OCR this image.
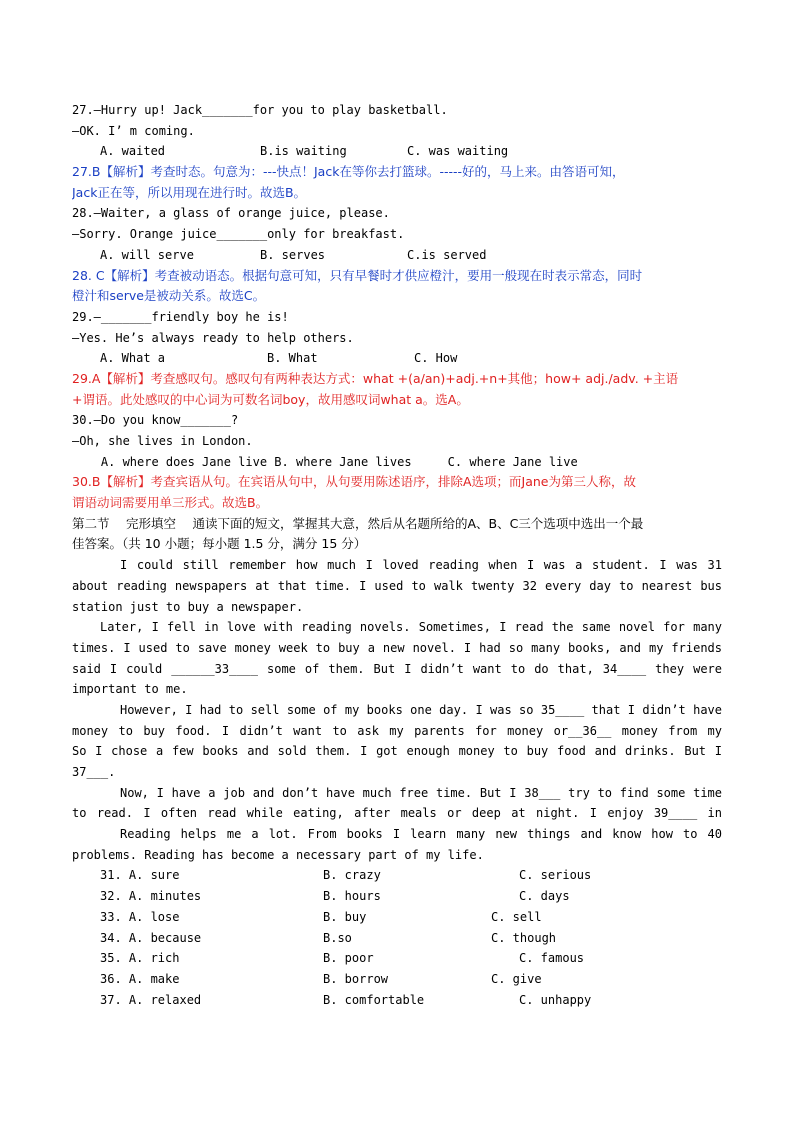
27.—Hurry up! Jack_______for you to play basketball.
—OK. I’ m coming.

A. waited

	B.is waiting

	C. was waiting

27.B【解析】考查时态。句意为：---快点！Jack在等你去打篮球。-----好的，马上来。由答语可知，
Jack正在等，所以用现在进行时。故选B。
28.—Waiter, a glass of orange juice, please.
—Sorry. Orange juice_______only for breakfast.

A. will serve

	B. serves

	C.is served

28. C【解析】考查被动语态。根据句意可知，只有早餐时才供应橙汁，要用一般现在时表示常态，同时
橙汁和serve是被动关系。故选C。
29.—_______friendly boy he is!
—Yes. He’s always ready to help others.

A. What a

	B. What

	C. How

29.A【解析】考查感叹句。感叹句有两种表达方式：what +(a/an)+adj.+n+其他；how+ adj./adv. +主语
+谓语。此处感叹的中心词为可数名词boy，故用感叹词what a。选A。
30.—Do you know_______?
—Oh, she lives in London.
A. where does Jane live B. where Jane lives     C. where Jane live
30.B【解析】考查宾语从句。在宾语从句中，从句要用陈述语序，排除A选项；而Jane为第三人称，故
谓语动词需要用单三形式。故选B。
第二节　 完形填空　 通读下面的短文，掌握其大意，然后从名题所给的A、B、C三个选项中选出一个最
佳答案。（共 10 小题；每小题 1.5 分，满分 15 分）
I could still remember how much I loved reading when I was a student. I was 31
about reading newspapers at that time. I used to walk twenty 32 every day to nearest bus
station just to buy a newspaper.
Later, I fell in love with reading novels. Sometimes, I read the same novel for many
times. I used to save money week to buy a new novel. I had so many books, and my friends
said I could ______33____ some of them. But I didn’t want to do that, 34____ they were
important to me.
However, I had to sell some of my books one day. I was so 35____ that I didn’t have
money to buy food. I didn’t want to ask my parents for money or__36__ money from my
So I chose a few books and sold them. I got enough money to buy food and drinks. But I
37___.
Now, I have a job and don’t have much free time. But I 38___ try to find some time
to read. I often read while eating, after meals or deep at night. I enjoy 39____ in
Reading helps me a lot. From books I learn many new things and know how to 40
problems. Reading has become a necessary part of my life.

31. A. sure

	B. crazy

	C. serious

32. A. minutes

	B. hours

	C. days

33. A. lose

	B. buy

	C. sell

34. A. because

	B.so

	C. though

35. A. rich

	B. poor

	C. famous

36. A. make

	B. borrow

	C. give

37. A. relaxed

	B. comfortable

	C. unhappy
